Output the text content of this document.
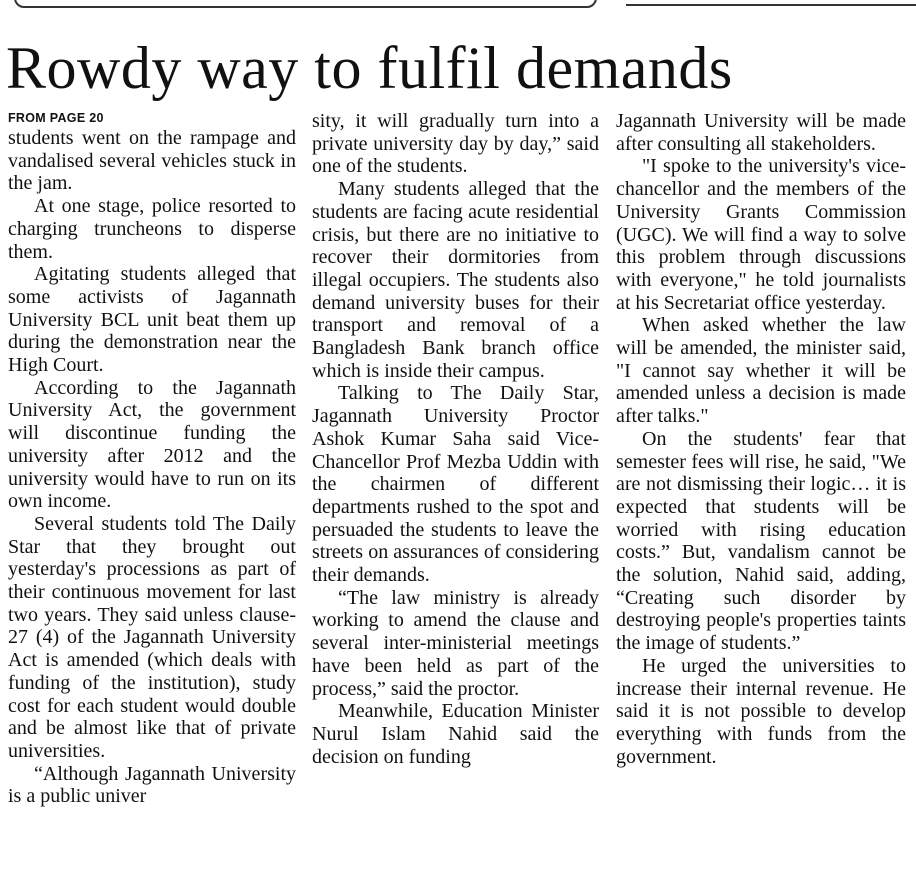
Rowdy way to fulfil demands
FROM PAGE 20

students went on the rampage and vandalised several vehicles stuck in the jam.

At one stage, police resorted to charging truncheons to disperse them.

Agitating students alleged that some activists of Jagannath University BCL unit beat them up during the demonstration near the High Court.

According to the Jagannath University Act, the government will discontinue funding the university after 2012 and the university would have to run on its own income.

Several students told The Daily Star that they brought out yesterday's processions as part of their continuous movement for last two years. They said unless clause-27 (4) of the Jagannath University Act is amended (which deals with funding of the institution), study cost for each student would double and be almost like that of private universities.

“Although Jagannath University is a public univer

sity, it will gradually turn into a private university day by day,” said one of the students.

Many students alleged that the students are facing acute residential crisis, but there are no initiative to recover their dormitories from illegal occupiers. The students also demand university buses for their transport and removal of a Bangladesh Bank branch office which is inside their campus.

Talking to The Daily Star, Jagannath University Proctor Ashok Kumar Saha said Vice-Chancellor Prof Mezba Uddin with the chairmen of different departments rushed to the spot and persuaded the students to leave the streets on assurances of considering their demands.

“The law ministry is already working to amend the clause and several inter-ministerial meetings have been held as part of the process,” said the proctor.

Meanwhile, Education Minister Nurul Islam Nahid said the decision on funding

Jagannath University will be made after consulting all stakeholders.

"I spoke to the university's vice-chancellor and the members of the University Grants Commission (UGC). We will find a way to solve this problem through discussions with everyone," he told journalists at his Secretariat office yesterday.

When asked whether the law will be amended, the minister said, "I cannot say whether it will be amended unless a decision is made after talks."

On the students' fear that semester fees will rise, he said, "We are not dismissing their logic… it is expected that students will be worried with rising education costs.” But, vandalism cannot be the solution, Nahid said, adding, “Creating such disorder by destroying people's properties taints the image of students.”

He urged the universities to increase their internal revenue. He said it is not possible to develop everything with funds from the government.
